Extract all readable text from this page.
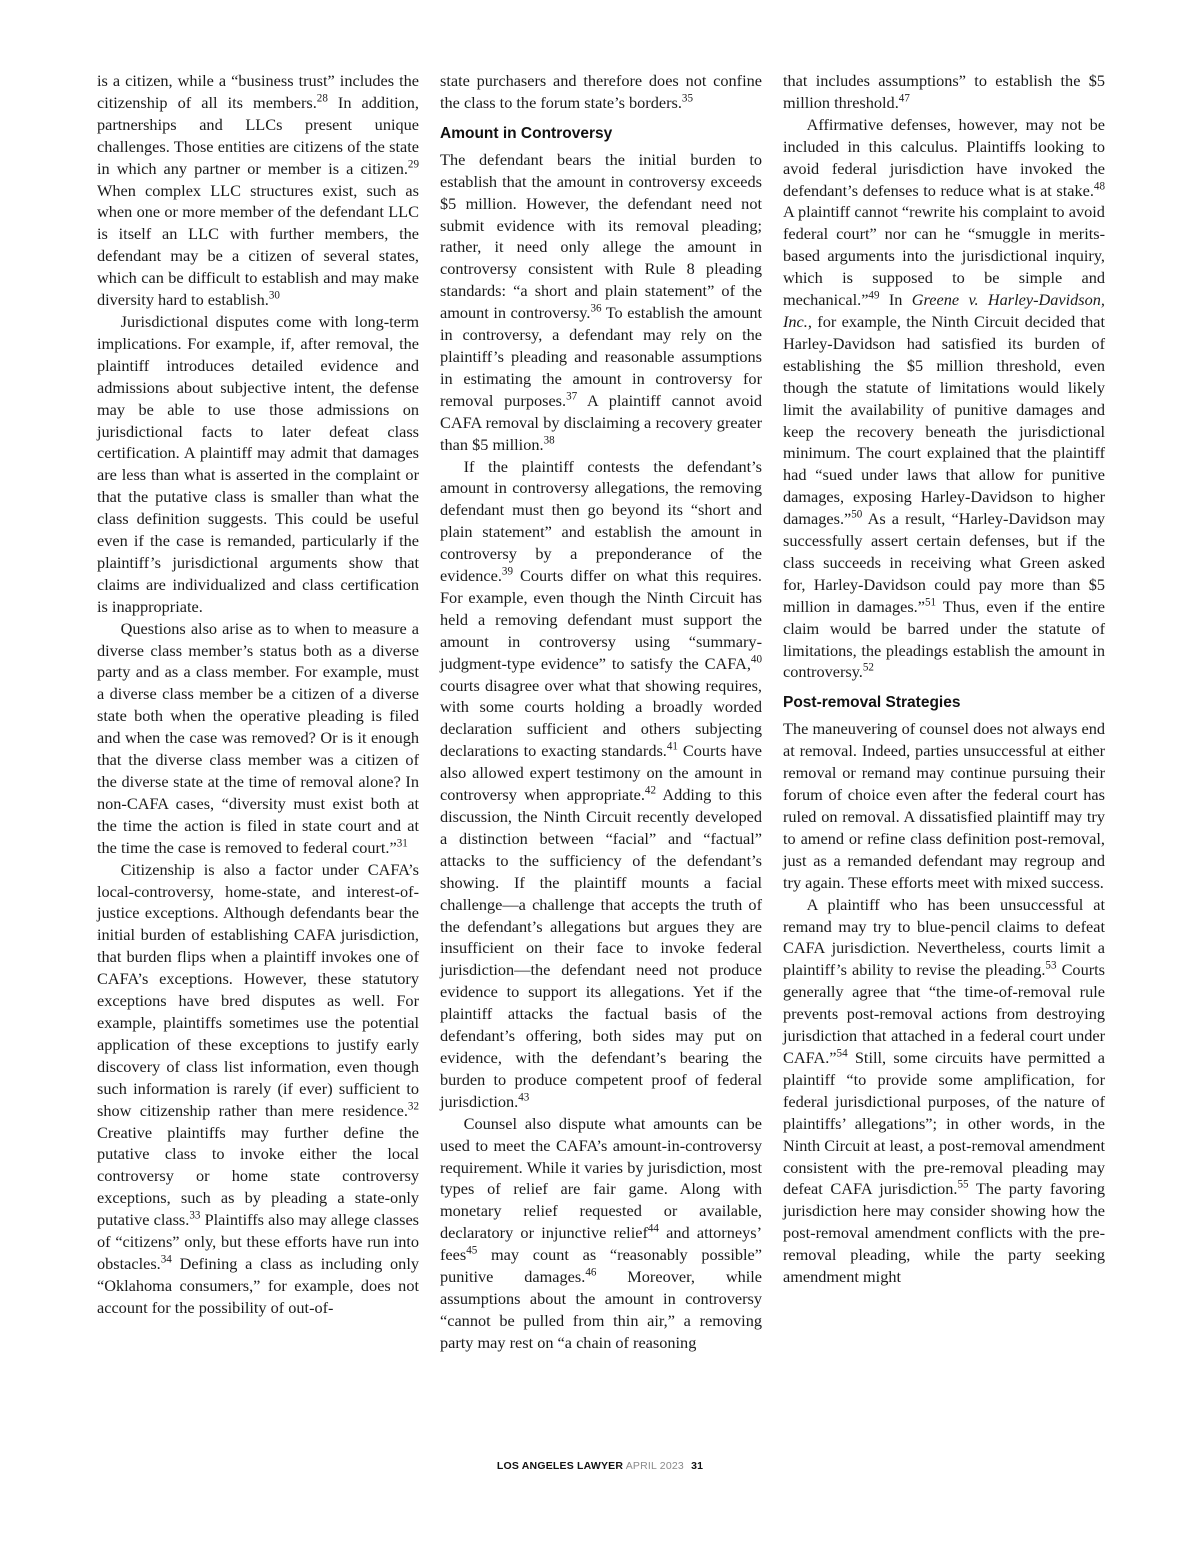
is a citizen, while a “business trust” includes the citizenship of all its members.$^{28}$ In addition, partnerships and LLCs present unique challenges. Those entities are citizens of the state in which any partner or member is a citizen.$^{29}$ When complex LLC structures exist, such as when one or more member of the defendant LLC is itself an LLC with further members, the defendant may be a citizen of several states, which can be difficult to establish and may make diversity hard to establish.$^{30}$

Jurisdictional disputes come with long-term implications. For example, if, after removal, the plaintiff introduces detailed evidence and admissions about subjective intent, the defense may be able to use those admissions on jurisdictional facts to later defeat class certification. A plaintiff may admit that damages are less than what is asserted in the complaint or that the putative class is smaller than what the class definition suggests. This could be useful even if the case is remanded, particularly if the plaintiff’s jurisdictional arguments show that claims are individualized and class certification is inappropriate.

Questions also arise as to when to measure a diverse class member’s status both as a diverse party and as a class member. For example, must a diverse class member be a citizen of a diverse state both when the operative pleading is filed and when the case was removed? Or is it enough that the diverse class member was a citizen of the diverse state at the time of removal alone? In non-CAFA cases, “diversity must exist both at the time the action is filed in state court and at the time the case is removed to federal court.”$^{31}$

Citizenship is also a factor under CAFA’s local-controversy, home-state, and interest-of-justice exceptions. Although defendants bear the initial burden of establishing CAFA jurisdiction, that burden flips when a plaintiff invokes one of CAFA’s exceptions. However, these statutory exceptions have bred disputes as well. For example, plaintiffs sometimes use the potential application of these exceptions to justify early discovery of class list information, even though such information is rarely (if ever) sufficient to show citizenship rather than mere residence.$^{32}$ Creative plaintiffs may further define the putative class to invoke either the local controversy or home state controversy exceptions, such as by pleading a state-only putative class.$^{33}$ Plaintiffs also may allege classes of “citizens” only, but these efforts have run into obstacles.$^{34}$ Defining a class as including only “Oklahoma consumers,” for example, does not account for the possibility of out-of-

state purchasers and therefore does not confine the class to the forum state’s borders.$^{35}$

Amount in Controversy

The defendant bears the initial burden to establish that the amount in controversy exceeds $5 million. However, the defendant need not submit evidence with its removal pleading; rather, it need only allege the amount in controversy consistent with Rule 8 pleading standards: “a short and plain statement” of the amount in controversy.$^{36}$ To establish the amount in controversy, a defendant may rely on the plaintiff’s pleading and reasonable assumptions in estimating the amount in controversy for removal purposes.$^{37}$ A plaintiff cannot avoid CAFA removal by disclaiming a recovery greater than $5 million.$^{38}$

If the plaintiff contests the defendant’s amount in controversy allegations, the removing defendant must then go beyond its “short and plain statement” and establish the amount in controversy by a preponderance of the evidence.$^{39}$ Courts differ on what this requires. For example, even though the Ninth Circuit has held a removing defendant must support the amount in controversy using “summary-judgment-type evidence” to satisfy the CAFA,$^{40}$ courts disagree over what that showing requires, with some courts holding a broadly worded declaration sufficient and others subjecting declarations to exacting standards.$^{41}$ Courts have also allowed expert testimony on the amount in controversy when appropriate.$^{42}$ Adding to this discussion, the Ninth Circuit recently developed a distinction between “facial” and “factual” attacks to the sufficiency of the defendant’s showing. If the plaintiff mounts a facial challenge—a challenge that accepts the truth of the defendant’s allegations but argues they are insufficient on their face to invoke federal jurisdiction—the defendant need not produce evidence to support its allegations. Yet if the plaintiff attacks the factual basis of the defendant’s offering, both sides may put on evidence, with the defendant’s bearing the burden to produce competent proof of federal jurisdiction.$^{43}$

Counsel also dispute what amounts can be used to meet the CAFA’s amount-in-controversy requirement. While it varies by jurisdiction, most types of relief are fair game. Along with monetary relief requested or available, declaratory or injunctive relief$^{44}$ and attorneys’ fees$^{45}$ may count as “reasonably possible” punitive damages.$^{46}$ Moreover, while assumptions about the amount in controversy “cannot be pulled from thin air,” a removing party may rest on “a chain of reasoning

that includes assumptions” to establish the $5 million threshold.$^{47}$

Affirmative defenses, however, may not be included in this calculus. Plaintiffs looking to avoid federal jurisdiction have invoked the defendant’s defenses to reduce what is at stake.$^{48}$ A plaintiff cannot “rewrite his complaint to avoid federal court” nor can he “smuggle in merits-based arguments into the jurisdictional inquiry, which is supposed to be simple and mechanical.”$^{49}$ In Greene v. Harley-Davidson, Inc., for example, the Ninth Circuit decided that Harley-Davidson had satisfied its burden of establishing the $5 million threshold, even though the statute of limitations would likely limit the availability of punitive damages and keep the recovery beneath the jurisdictional minimum. The court explained that the plaintiff had “sued under laws that allow for punitive damages, exposing Harley-Davidson to higher damages.”$^{50}$ As a result, “Harley-Davidson may successfully assert certain defenses, but if the class succeeds in receiving what Green asked for, Harley-Davidson could pay more than $5 million in damages.”$^{51}$ Thus, even if the entire claim would be barred under the statute of limitations, the pleadings establish the amount in controversy.$^{52}$

Post-removal Strategies

The maneuvering of counsel does not always end at removal. Indeed, parties unsuccessful at either removal or remand may continue pursuing their forum of choice even after the federal court has ruled on removal. A dissatisfied plaintiff may try to amend or refine class definition post-removal, just as a remanded defendant may regroup and try again. These efforts meet with mixed success.

A plaintiff who has been unsuccessful at remand may try to blue-pencil claims to defeat CAFA jurisdiction. Nevertheless, courts limit a plaintiff’s ability to revise the pleading.$^{53}$ Courts generally agree that “the time-of-removal rule prevents post-removal actions from destroying jurisdiction that attached in a federal court under CAFA.”$^{54}$ Still, some circuits have permitted a plaintiff “to provide some amplification, for federal jurisdictional purposes, of the nature of plaintiffs’ allegations”; in other words, in the Ninth Circuit at least, a post-removal amendment consistent with the pre-removal pleading may defeat CAFA jurisdiction.$^{55}$ The party favoring jurisdiction here may consider showing how the post-removal amendment conflicts with the pre-removal pleading, while the party seeking amendment might

LOS ANGELES LAWYER APRIL 2023 31
